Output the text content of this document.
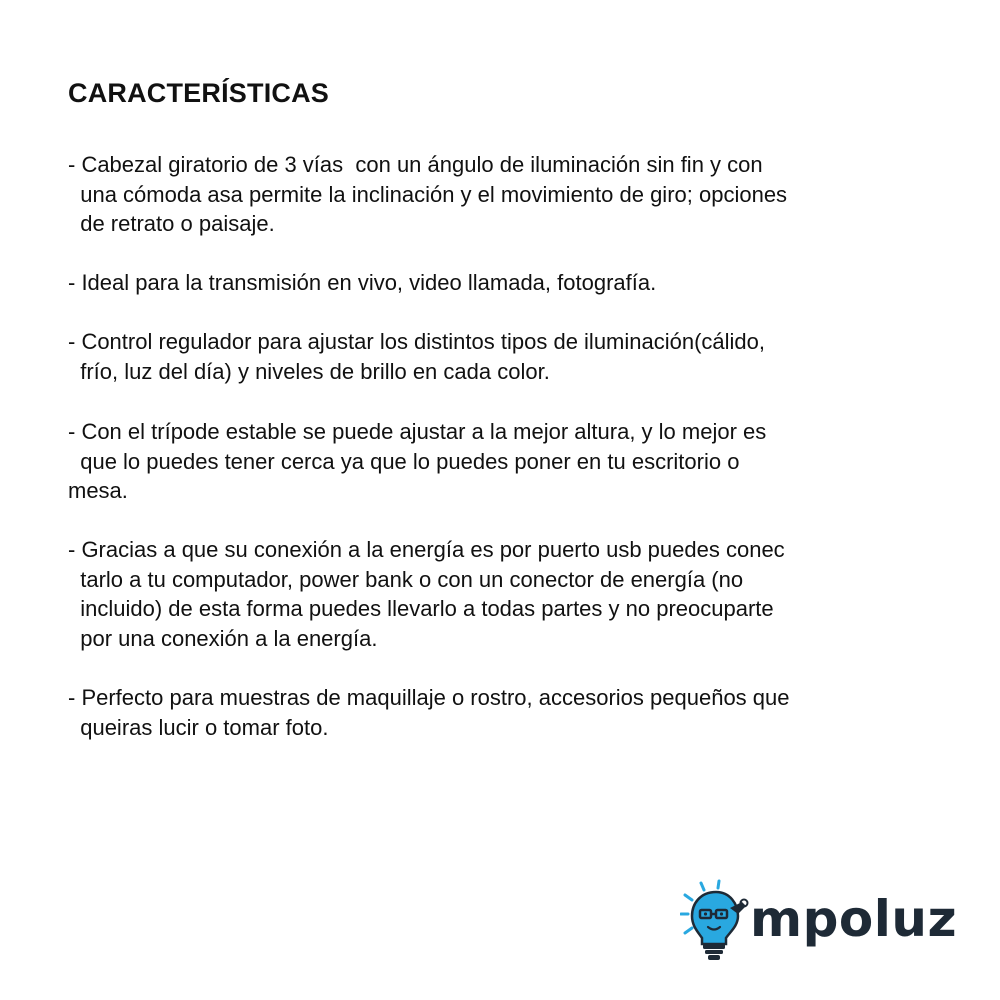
CARACTERÍSTICAS

- Cabezal giratorio de 3 vías  con un ángulo de iluminación sin fin y con
una cómoda asa permite la inclinación y el movimiento de giro; opciones
de retrato o paisaje.

- Ideal para la transmisión en vivo, video llamada, fotografía.

- Control regulador para ajustar los distintos tipos de iluminación(cálido,
frío, luz del día) y niveles de brillo en cada color.

- Con el trípode estable se puede ajustar a la mejor altura, y lo mejor es
que lo puedes tener cerca ya que lo puedes poner en tu escritorio o
mesa.

- Gracias a que su conexión a la energía es por puerto usb puedes conec
tarlo a tu computador, power bank o con un conector de energía (no
incluido) de esta forma puedes llevarlo a todas partes y no preocuparte
por una conexión a la energía.

- Perfecto para muestras de maquillaje o rostro, accesorios pequeños que
queiras lucir o tomar foto.

mpoluz
